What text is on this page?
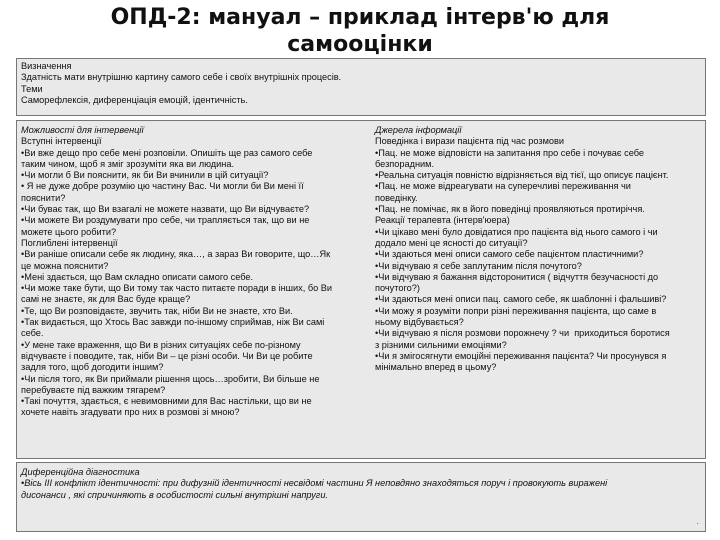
ОПД-2: мануал – приклад інтерв'ю для
самооцінки
Визначення
Здатність мати внутрішню картину самого себе і своїх внутрішніх процесів.
Теми
Саморефлексія, диференціація емоцій, ідентичність.
Можливості для інтервенції
Вступні інтервенції
•Ви вже дещо про себе мені розповіли. Опишіть ще раз самого себе
таким чином, щоб я зміг зрозуміти яка ви людина.
•Чи могли б Ви пояснити, як би Ви вчинили в цій ситуації?
• Я не дуже добре розумію цю частину Вас. Чи могли би Ви мені її
пояснити?
•Чи буває так, що Ви взагалі не можете назвати, що Ви відчуваєте?
•Чи можете Ви роздумувати про себе, чи трапляється так, що ви не
можете цього робити?
Поглиблені інтервенції
•Ви раніше описали себе як людину, яка…, а зараз Ви говорите, що…Як
це можна пояснити?
•Мені здається, що Вам складно описати самого себе.
•Чи може таке бути, що Ви тому так часто питаєте поради в інших, бо Ви
самі не знаєте, як для Вас буде краще?
•Те, що Ви розповідаєте, звучить так, ніби Ви не знаєте, хто Ви.
•Так видається, що Хтось Вас завжди по-іншому сприймав, ніж Ви самі
себе.
•У мене таке враження, що Ви в різних ситуаціях себе по-різному
відчуваєте і поводите, так, ніби Ви – це різні особи. Чи Ви це робите
задля того, щоб догодити іншим?
•Чи після того, як Ви приймали рішення щось…зробити, Ви більше не
перебуваєте під важким тягарем?
•Такі почуття, здається, є невимовними для Вас настільки, що ви не
хочете навіть згадувати про них в розмові зі мною?
Джерела інформації
Поведінка і вирази пацієнта під час розмови
•Пац. не може відповісти на запитання про себе і почуває себе
безпорадним.
•Реальна ситуація повністю відрізняється від тієї, що описує пацієнт.
•Пац. не може відреагувати на суперечливі переживання чи
поведінку.
•Пац. не помічає, як в його поведінці проявляються протиріччя.
Реакції терапевта (інтерв'юера)
•Чи цікаво мені було довідатися про пацієнта від нього самого і чи
додало мені це ясності до ситуації?
•Чи здаються мені описи самого себе пацієнтом пластичними?
•Чи відчуваю я себе заплутаним після почутого?
•Чи відчуваю я бажання відсторонитися ( відчуття безучасності до
почутого?)
•Чи здаються мені описи пац. самого себе, як шаблонні і фальшиві?
•Чи можу я розуміти попри різні переживання пацієнта, що саме в
ньому відбувається?
•Чи відчуваю я після розмови порожнечу ? чи  приходиться боротися
з різними сильними емоціями?
•Чи я змігосягнути емоційні переживання пацієнта? Чи просунувся я
мінімально вперед в цьому?
Диференційна діагностика
•Вісь ІІІ конфлікт ідентичності: при дифузній ідентичності несвідомі частини Я неповдяно знаходяться поруч і провокують виражені
дисонанси , які спричиняють в особистості сильні внутрішні напруги.
·
